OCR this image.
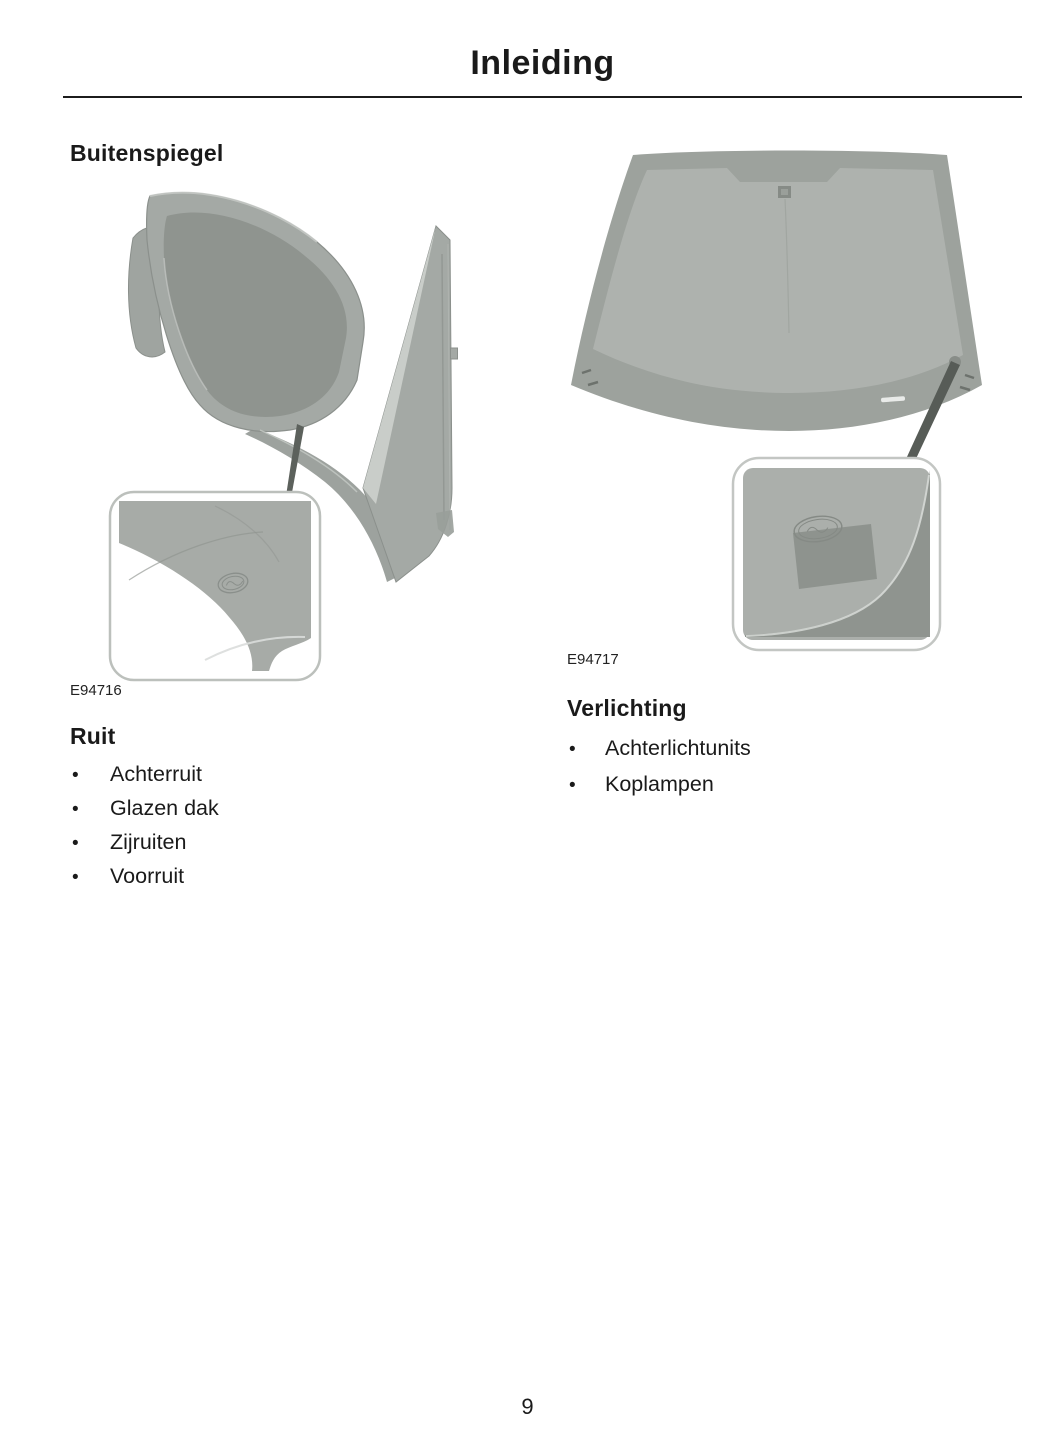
Inleiding
Buitenspiegel
E94716
Ruit
•	Achterruit
•	Glazen dak
•	Zijruiten
•	Voorruit
E94717
Verlichting
•	Achterlichtunits
•	Koplampen
9
